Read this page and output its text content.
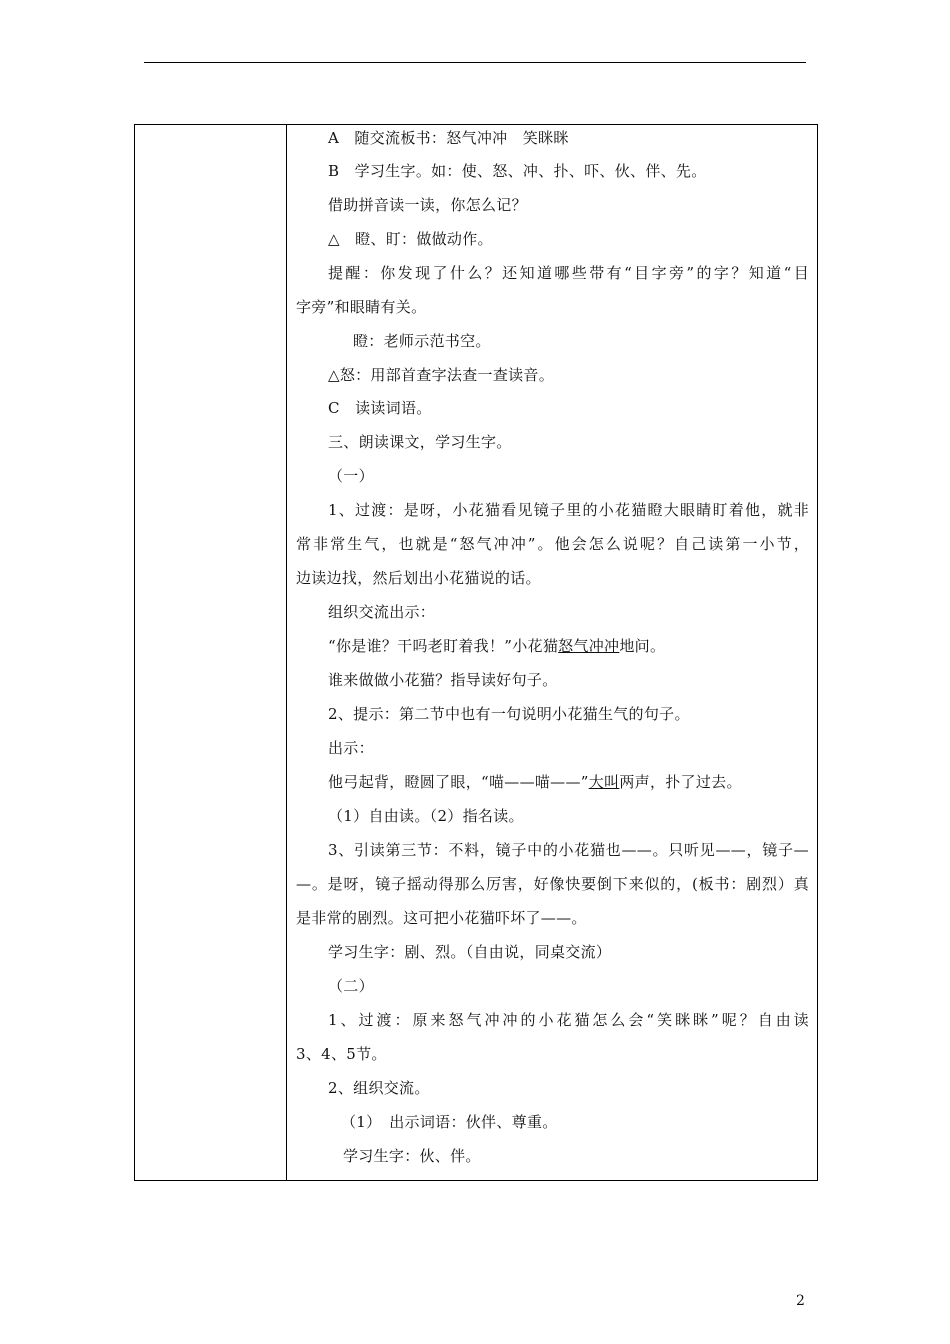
A　随交流板书：怒气冲冲　笑眯眯
B　学习生字。如：使、怒、冲、扑、吓、伙、伴、先。
借助拼音读一读，你怎么记？
△　瞪、盯：做做动作。
提醒：你发现了什么？还知道哪些带有“目字旁”的字？知道“目
字旁”和眼睛有关。
瞪：老师示范书空。
△怒：用部首查字法查一查读音。
C　读读词语。
三、朗读课文，学习生字。
（一）
1、过渡：是呀，小花猫看见镜子里的小花猫瞪大眼睛盯着他，就非
常非常生气，也就是“怒气冲冲”。他会怎么说呢？自己读第一小节，
边读边找，然后划出小花猫说的话。
组织交流出示：
“你是谁？干吗老盯着我！”小花猫怒气冲冲地问。
谁来做做小花猫？指导读好句子。
2、提示：第二节中也有一句说明小花猫生气的句子。
出示：
他弓起背，瞪圆了眼，“喵——喵——”大叫两声，扑了过去。
（1）自由读。（2）指名读。
3、引读第三节：不料，镜子中的小花猫也——。只听见——，镜子—
—。是呀，镜子摇动得那么厉害，好像快要倒下来似的，(板书：剧烈）真
是非常的剧烈。这可把小花猫吓坏了——。
学习生字：剧、烈。（自由说，同桌交流）
（二）
1、过渡：原来怒气冲冲的小花猫怎么会“笑眯眯”呢？自由读
3、4、5节。
2、组织交流。
（1）　出示词语：伙伴、尊重。
学习生字：伙、伴。
2
